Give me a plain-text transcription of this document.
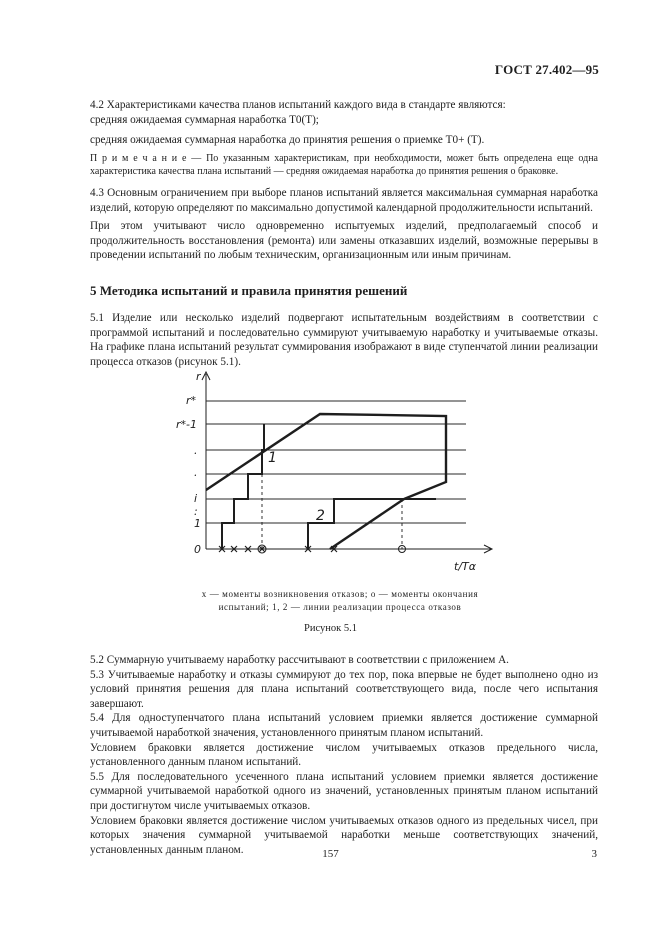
ГОСТ 27.402—95

4.2 Характеристиками качества планов испытаний каждого вида в стандарте являются:

средняя ожидаемая суммарная наработка T0(T);

средняя ожидаемая суммарная наработка до принятия решения о приемке T0+ (T).

П р и м е ч а н и е — По указанным характеристикам, при необходимости, может быть определена еще одна характеристика качества плана испытаний — средняя ожидаемая наработка до принятия решения о браковке.

4.3 Основным ограничением при выборе планов испытаний является максимальная суммарная наработка изделий, которую определяют по максимально допустимой календарной продолжительности испытаний.

При этом учитывают число одновременно испытуемых изделий, предполагаемый способ и продолжительность восстановления (ремонта) или замены отказавших изделий, возможные перерывы в проведении испытаний по любым техническим, организационным или иным причинам.

5 Методика испытаний и правила принятия решений

5.1 Изделие или несколько изделий подвергают испытательным воздействиям в соответствии с программой испытаний и последовательно суммируют учитываемую наработку и учитываемые отказы. На графике плана испытаний результат суммирования изображают в виде ступенчатой линии реализации процесса отказов (рисунок 5.1).

r
t/Tα
r*
r*-1
.
.
i
:
1
0
1
2
х — моменты возникновения отказов; о — моменты окончания испытаний; 1, 2 — линии реализации процесса отказов
Рисунок 5.1

5.2 Суммарную учитываему наработку рассчитывают в соответствии с приложением А.

5.3 Учитываемые наработку и отказы суммируют до тех пор, пока впервые не будет выполнено одно из условий принятия решения для плана испытаний соответствующего вида, после чего испытания завершают.

5.4 Для одноступенчатого плана испытаний условием приемки является достижение суммарной учитываемой наработкой значения, установленного принятым планом испытаний.

Условием браковки является достижение числом учитываемых отказов предельного числа, установленного данным планом испытаний.

5.5 Для последовательного усеченного плана испытаний условием приемки является достижение суммарной учитываемой наработкой одного из значений, установленных принятым планом испытаний при достигнутом числе учитываемых отказов.

Условием браковки является достижение числом учитываемых отказов одного из предельных чисел, при которых значения суммарной учитываемой наработки меньше соответствующих значений, установленных данным планом.	157	3
